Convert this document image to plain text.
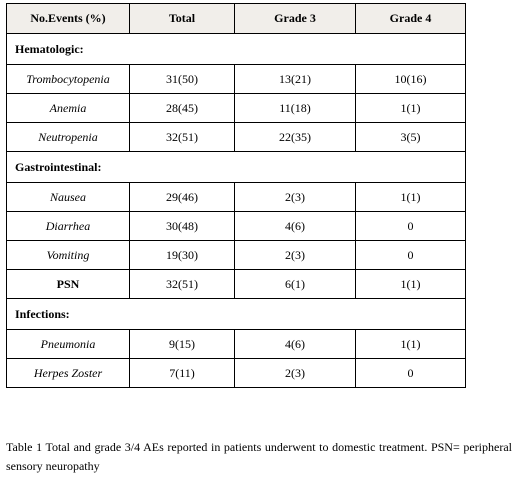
No.Events (%)	Total	Grade 3	Grade 4
Hematologic:			
Trombocytopenia	31(50)	13(21)	10(16)
Anemia	28(45)	11(18)	1(1)
Neutropenia	32(51)	22(35)	3(5)
Gastrointestinal:			
Nausea	29(46)	2(3)	1(1)
Diarrhea	30(48)	4(6)	0
Vomiting	19(30)	2(3)	0
PSN	32(51)	6(1)	1(1)
Infections:			
Pneumonia	9(15)	4(6)	1(1)
Herpes Zoster	7(11)	2(3)	0
Table 1 Total and grade 3/4 AEs reported in patients underwent to domestic treatment. PSN= peripheral sensory neuropathy
